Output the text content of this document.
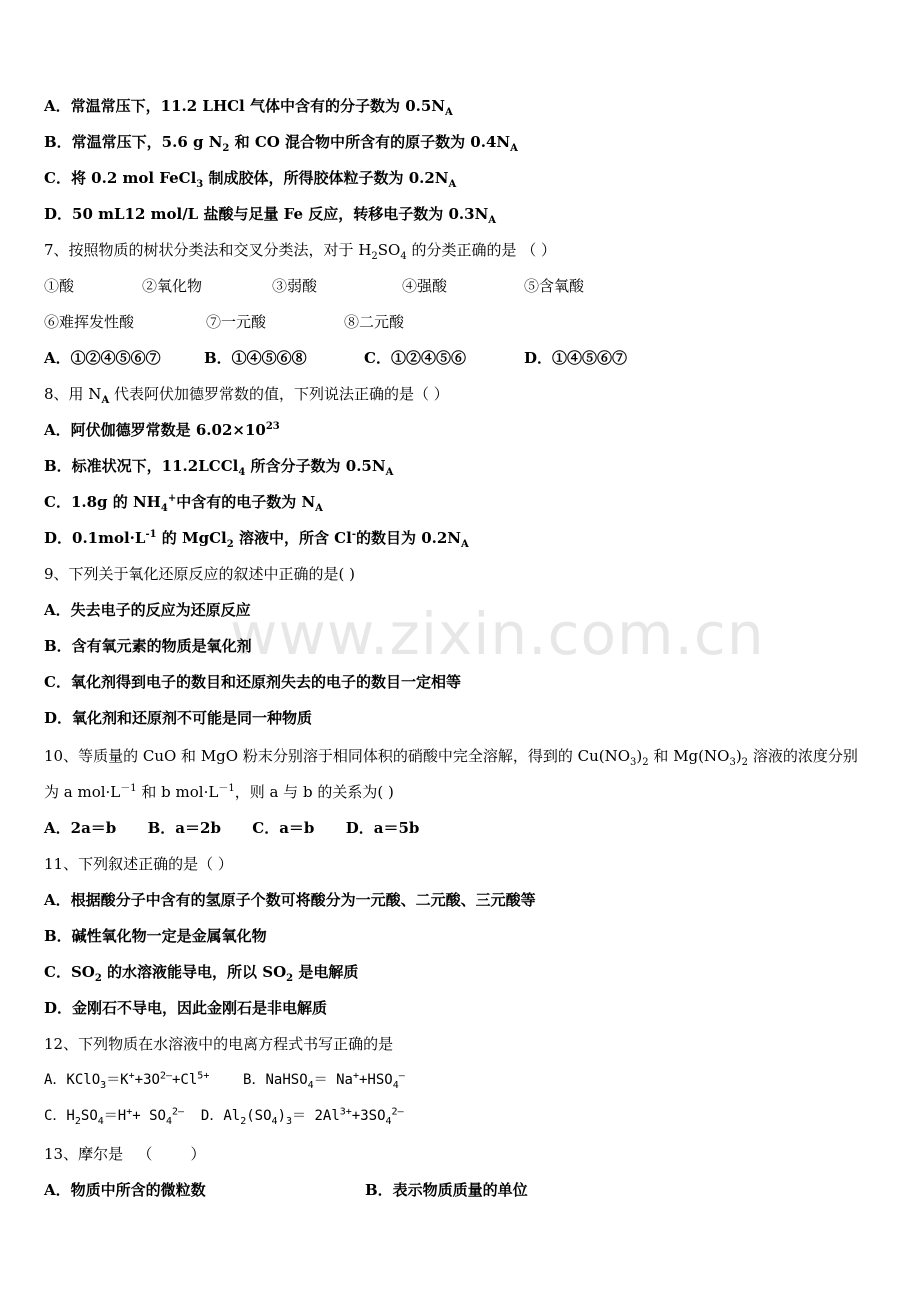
A．常温常压下，11.2 LHCl 气体中含有的分子数为 $0.5N_A$
B．常温常压下，5.6 g $N_2$ 和 CO 混合物中所含有的原子数为 $0.4N_A$
C．将 0.2 mol FeCl$_3$ 制成胶体，所得胶体粒子数为 $0.2N_A$
D．50 mL12 mol/L 盐酸与足量 Fe 反应，转移电子数为 $0.3N_A$
7、按照物质的树状分类法和交叉分类法，对于 $H_2SO_4$ 的分类正确的是 （ ）
①酸	②氧化物	③弱酸	④强酸	⑤含氧酸
⑥难挥发性酸	⑦一元酸	⑧二元酸
A．①②④⑤⑥⑦	B．①④⑤⑥⑧	C．①②④⑤⑥	D．①④⑤⑥⑦
8、用 $N_A$ 代表阿伏加德罗常数的值，下列说法正确的是（ ）
A．阿伏伽德罗常数是 $6.02\times 10^{23}$
B．标准状况下，11.2LCCl$_4$ 所含分子数为 $0.5N_A$
C．1.8g 的 $NH_4^+$中含有的电子数为 $N_A$
D．$0.1mol\cdot L^{-1}$ 的 MgCl$_2$ 溶液中，所含 Cl-的数目为 $0.2N_A$
9、下列关于氧化还原反应的叙述中正确的是( )
A．失去电子的反应为还原反应
B．含有氧元素的物质是氧化剂
C．氧化剂得到电子的数目和还原剂失去的电子的数目一定相等
D．氧化剂和还原剂不可能是同一种物质
www.zixin.com.cn
10、等质量的 CuO 和 MgO 粉末分别溶于相同体积的硝酸中完全溶解，得到的 $Cu(NO_3)_2$ 和 $Mg(NO_3)_2$ 溶液的浓度分别
为 a $mol\cdot L^{-1}$ 和 b $mol\cdot L^{-1}$，则 a 与 b 的关系为( )
A．2a＝b      B．a＝2b      C．a＝b      D．a＝5b
11、下列叙述正确的是（ ）
A．根据酸分子中含有的氢原子个数可将酸分为一元酸、二元酸、三元酸等
B．碱性氧化物一定是金属氧化物
C．$SO_2$ 的水溶液能导电，所以 $SO_2$ 是电解质
D．金刚石不导电，因此金刚石是非电解质
12、下列物质在水溶液中的电离方程式书写正确的是
A．$KClO_3=K^++3O^{2—}+Cl^{5+}$    B．NaHSO$_4$＝ $Na^++HSO_4^—$
C．$H_2SO_4=H^++ SO_4^{2—}$  D．$Al_2(SO_4)_3= 2Al^{3+}+3SO_4^{2—}$
13、摩尔是   （        ）
A．物质中所含的微粒数	B．表示物质质量的单位
